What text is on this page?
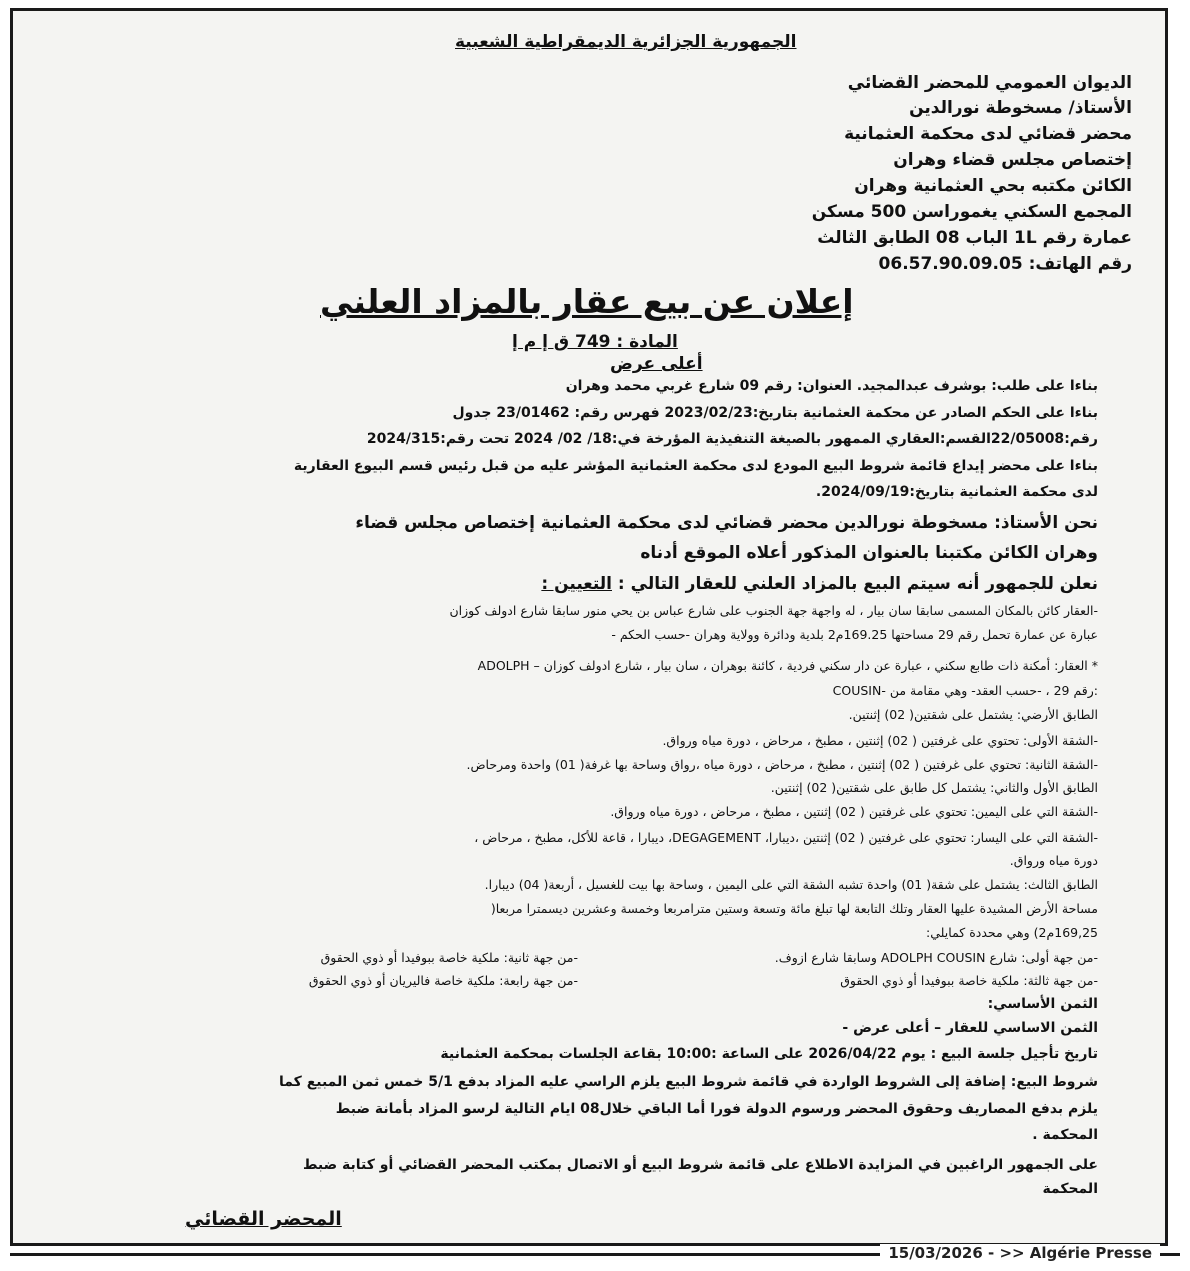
الجمهورية الجزائرية الديمقراطية الشعبية
الديوان العمومي للمحضر القضائي
الأستاذ/ مسخوطة نورالدين
محضر قضائي لدى محكمة العثمانية
إختصاص مجلس قضاء وهران
الكائن مكتبه بحي العثمانية وهران
المجمع السكني يغموراسن 500 مسكن
عمارة رقم 1L الباب 08 الطابق الثالث
رقم الهاتف: 06.57.90.09.05
إعلان عن بيع عقار بالمزاد العلني
المادة : 749 ق إ م إ
أعلى عرض
بناءا على طلب: بوشرف عبدالمجيد. العنوان: رقم 09 شارع غربي محمد وهران
بناءا على الحكم الصادر عن محكمة العثمانية بتاريخ:2023/02/23 فهرس رقم: 23/01462 جدول
رقم:22/05008القسم:العقاري الممهور بالصيغة التنفيذية المؤرخة في:18/ 02/ 2024 تحت رقم:2024/315
بناءا على محضر إيداع قائمة شروط البيع المودع لدى محكمة العثمانية المؤشر عليه من قبل رئيس قسم البيوع العقارية
لدى محكمة العثمانية بتاريخ:2024/09/19.
نحن الأستاذ: مسخوطة نورالدين محضر قضائي لدى محكمة العثمانية إختصاص مجلس قضاء
وهران الكائن مكتبنا بالعنوان المذكور أعلاه الموقع أدناه
نعلن للجمهور أنه سيتم البيع بالمزاد العلني للعقار التالي : التعيين :
-العقار كائن بالمكان المسمى سابقا سان بيار ، له واجهة جهة الجنوب على شارع عباس بن يحي منور سابقا شارع ادولف كوزان
عبارة عن عمارة تحمل رقم 29 مساحتها 169.25م2 بلدية ودائرة وولاية وهران -حسب الحكم -
* العقار: أمكنة ذات طابع سكني ، عبارة عن دار سكني فردية ، كائنة بوهران ، سان بيار ، شارع ادولف كوزان – ADOLPH
COUSIN- رقم 29 ، -حسب العقد- وهي مقامة من:
الطابق الأرضي: يشتمل على شقتين( 02) إثنتين.
-الشقة الأولى: تحتوي على غرفتين ( 02) إثنتين ، مطبخ ، مرحاض ، دورة مياه ورواق.
-الشقة الثانية: تحتوي على غرفتين ( 02) إثنتين ، مطبخ ، مرحاض ، دورة مياه ،رواق وساحة بها غرفة( 01) واحدة ومرحاض.
الطابق الأول والثاني: يشتمل كل طابق على شقتين( 02) إثنتين.
-الشقة التي على اليمين: تحتوي على غرفتين ( 02) إثنتين ، مطبخ ، مرحاض ، دورة مياه ورواق.
-الشقة التي على اليسار: تحتوي على غرفتين ( 02) إثنتين ،ديبارا، DEGAGEMENT، ديبارا ، قاعة للأكل، مطبخ ، مرحاض ،
دورة مياه ورواق.
الطابق الثالث: يشتمل على شقة( 01) واحدة تشبه الشقة التي على اليمين ، وساحة بها بيت للغسيل ، أربعة( 04) ديبارا.
مساحة الأرض المشيدة عليها العقار وتلك التابعة لها تبلغ مائة وتسعة وستين مترامربعا وخمسة وعشرين ديسمترا مربعا(
169,25م2) وهي محددة كمايلي:
-من جهة أولى: شارع ADOLPH COUSIN وسابقا شارع ازوف.
-من جهة ثانية: ملكية خاصة ببوفيدا أو ذوي الحقوق
-من جهة ثالثة: ملكية خاصة ببوفيدا أو ذوي الحقوق
-من جهة رابعة: ملكية خاصة فاليريان أو ذوي الحقوق
الثمن الأساسي:
الثمن الاساسي للعقار – أعلى عرض -
تاريخ تأجيل جلسة البيع : يوم 2026/04/22 على الساعة :10:00 بقاعة الجلسات بمحكمة العثمانية
شروط البيع: إضافة إلى الشروط الواردة في قائمة شروط البيع يلزم الراسي عليه المزاد بدفع 5/1 خمس ثمن المبيع كما
يلزم بدفع المصاريف وحقوق المحضر ورسوم الدولة فورا أما الباقي خلال08 ايام التالية لرسو المزاد بأمانة ضبط
المحكمة .
على الجمهور الراغبين في المزايدة الاطلاع على قائمة شروط البيع أو الاتصال بمكتب المحضر القضائي أو كتابة ضبط
المحكمة
المحضر القضائي
15/03/2026 - >> Algérie Presse
